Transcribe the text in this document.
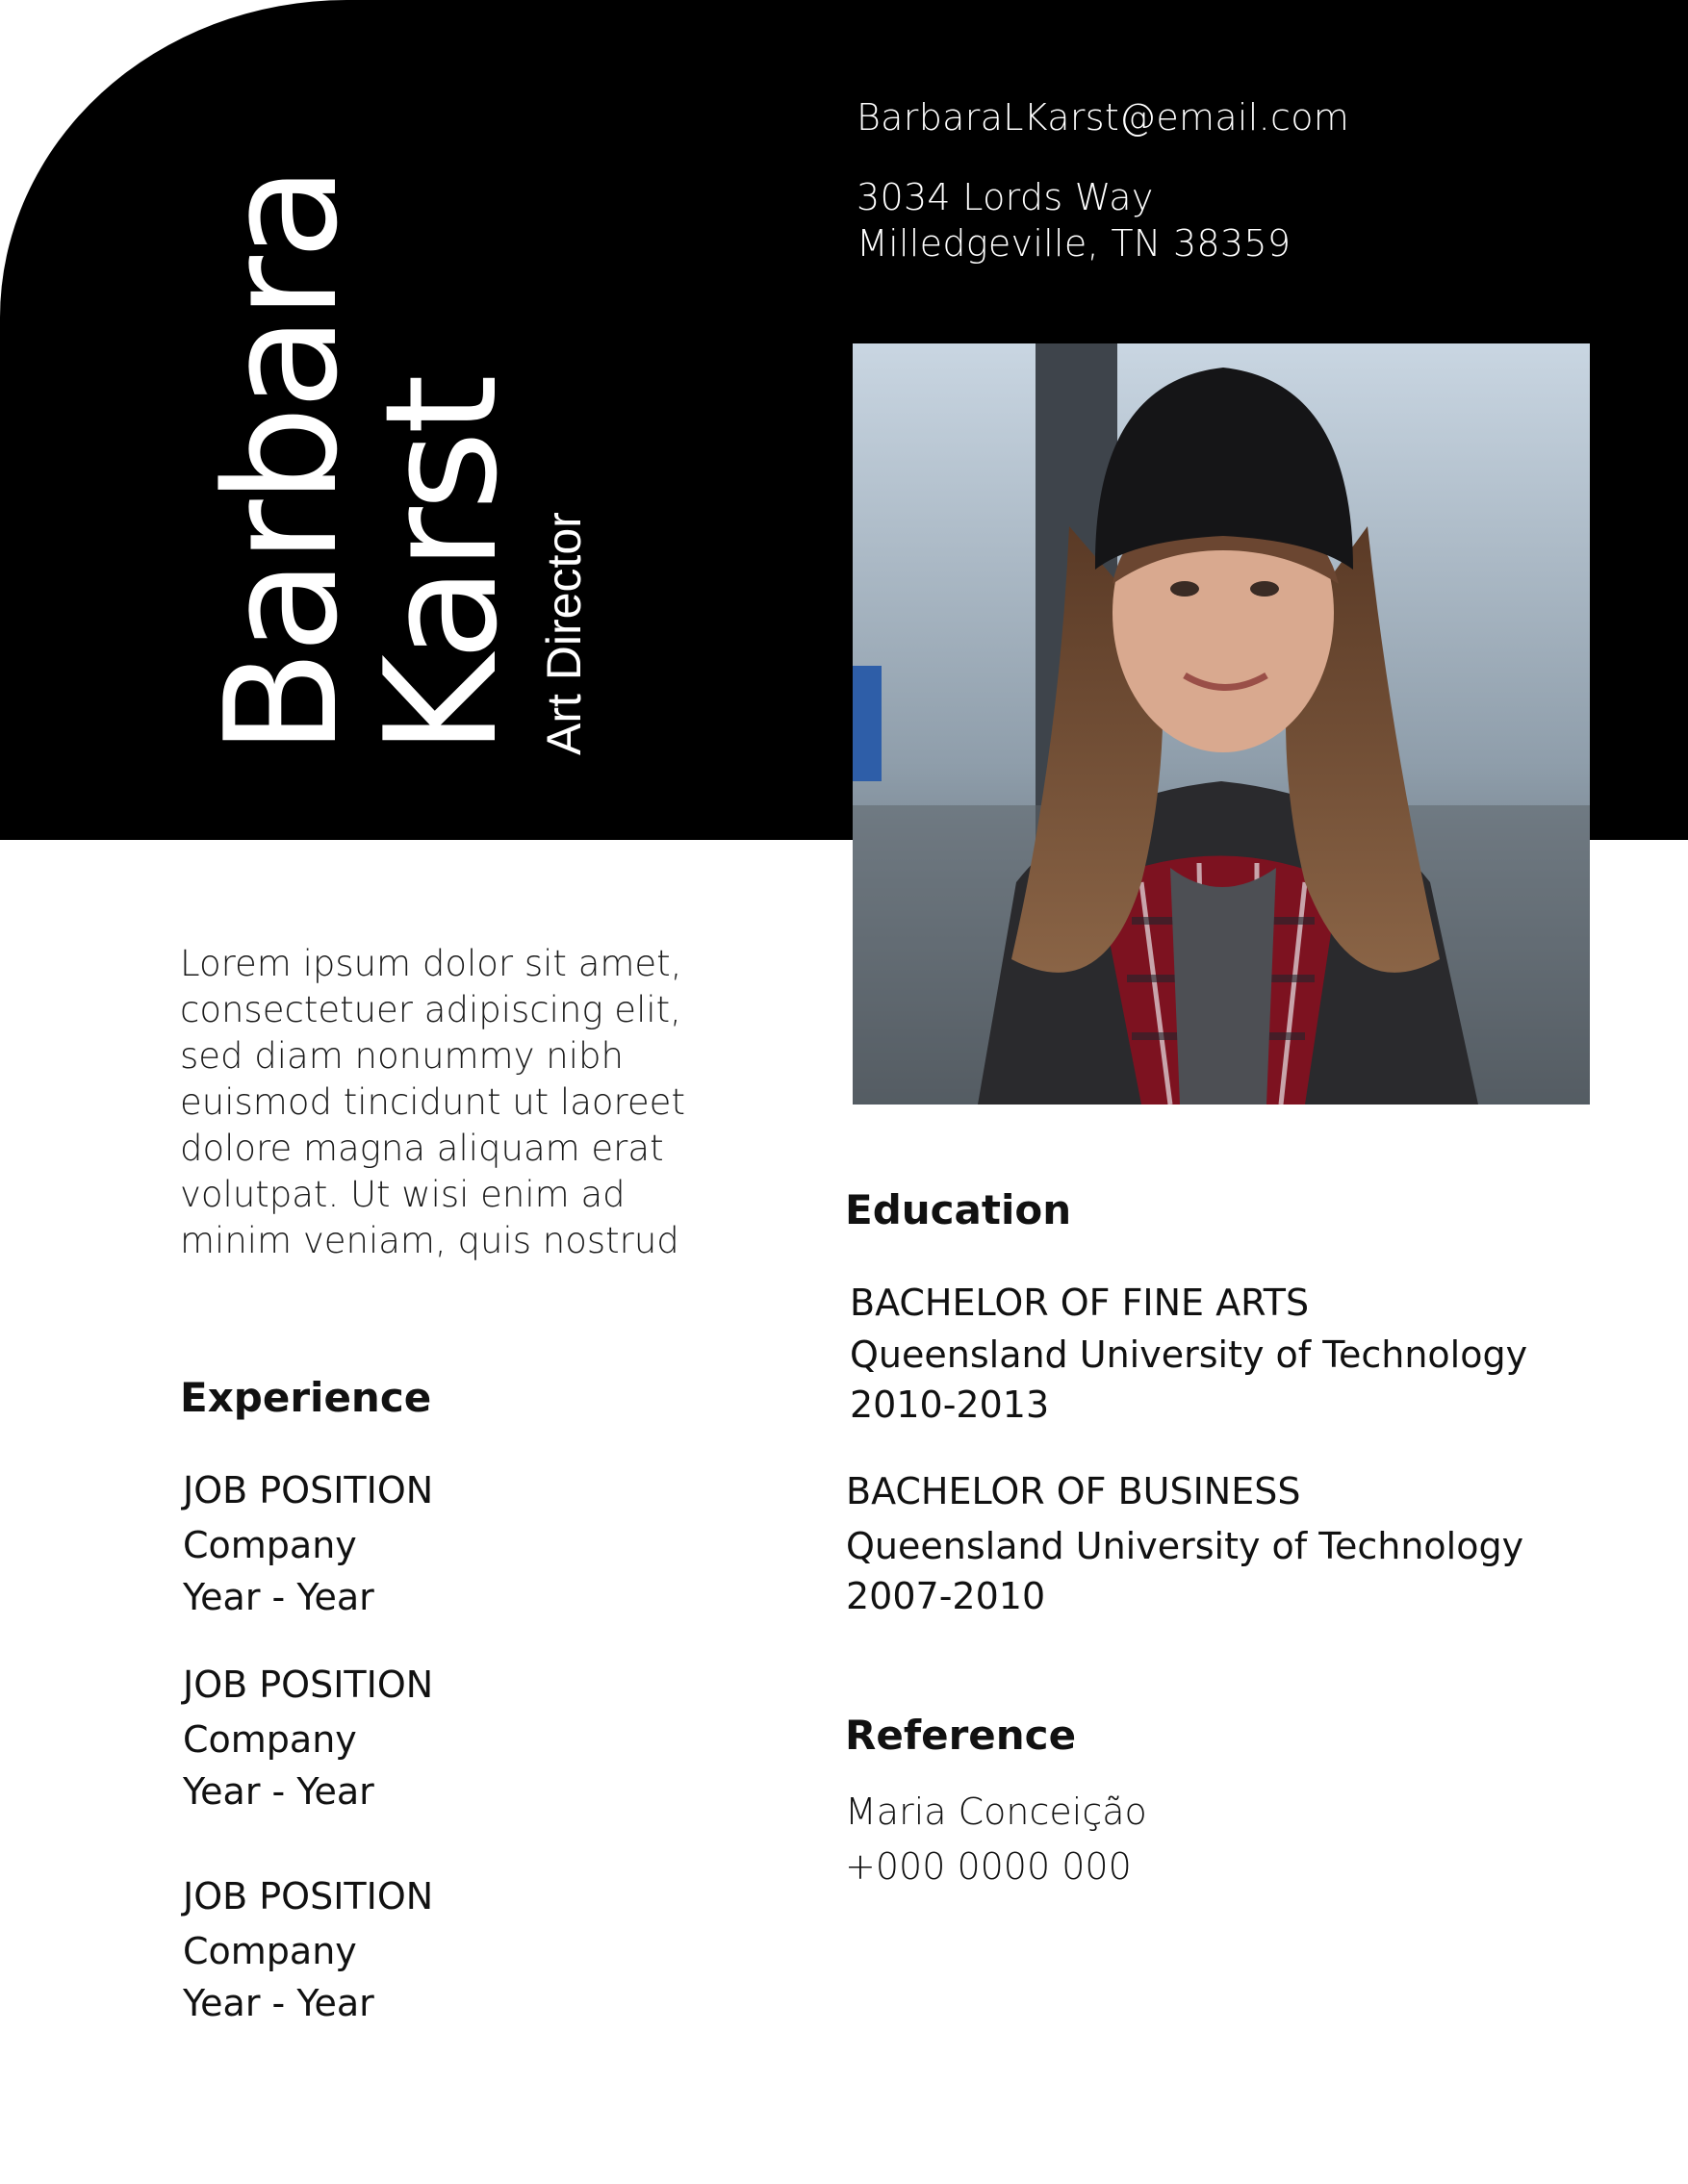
Barbara
Karst Art Director
BarbaraLKarst@email.com
3034 Lords Way
Milledgeville, TN 38359
Lorem ipsum dolor sit amet,
consectetuer adipiscing elit,
sed diam nonummy nibh
euismod tincidunt ut laoreet
dolore magna aliquam erat
volutpat. Ut wisi enim ad
minim veniam, quis nostrud
Experience
JOB POSITION
Company
Year - Year
JOB POSITION
Company
Year - Year
JOB POSITION
Company
Year - Year
Education
BACHELOR OF FINE ARTS
Queensland University of Technology
2010-2013
BACHELOR OF BUSINESS
Queensland University of Technology
2007-2010
Reference
Maria Conceição
+000 0000 000
